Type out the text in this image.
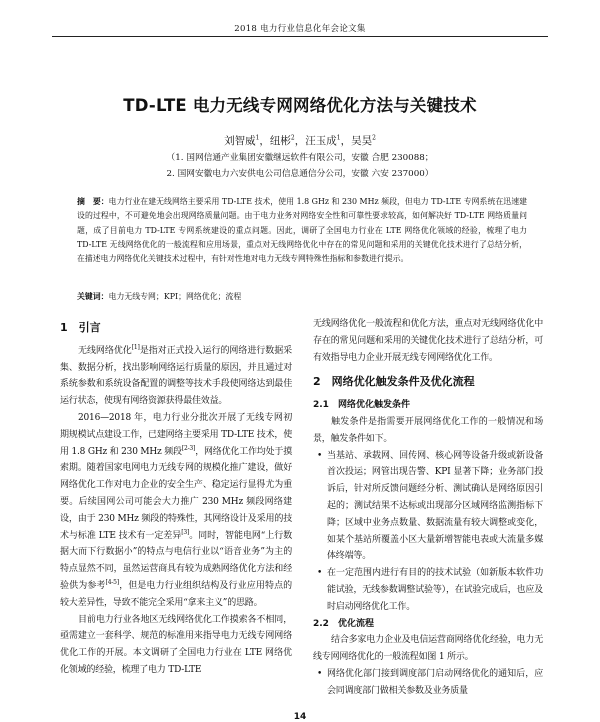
2018 电力行业信息化年会论文集
TD-LTE 电力无线专网网络优化方法与关键技术
刘智威$^1$，纽彬$^2$，汪玉成$^1$，吴昊$^2$
（1. 国网信通产业集团安徽继远软件有限公司，安徽 合肥 230088；
2. 国网安徽电力六安供电公司信息通信分公司，安徽 六安 237000）
摘　要：电力行业在建无线网络主要采用 TD-LTE 技术，使用 1.8 GHz 和 230 MHz 频段，但电力 TD-LTE 专网系统在迅速建设的过程中，不可避免地会出现网络质量问题。由于电力业务对网络安全性和可靠性要求较高，如何解决好 TD-LTE 网络质量问题，成了目前电力 TD-LTE 专网系统建设的重点问题。因此，调研了全国电力行业在 LTE 网络优化领域的经验，梳理了电力 TD-LTE 无线网络优化的一般流程和应用场景，重点对无线网络优化中存在的常见问题和采用的关键优化技术进行了总结分析，在描述电力网络优化关键技术过程中，有针对性地对电力无线专网特殊性指标和参数进行提示。
关键词：电力无线专网；KPI；网络优化；流程
1　引言

无线网络优化[1]是指对正式投入运行的网络进行数据采集、数据分析，找出影响网络运行质量的原因，并且通过对系统参数和系统设备配置的调整等技术手段使网络达到最佳运行状态，使现有网络资源获得最佳效益。

2016—2018 年，电力行业分批次开展了无线专网初期规模试点建设工作，已建网络主要采用 TD-LTE 技术，使用 1.8 GHz 和 230 MHz 频段[2-3]，网络优化工作均处于摸索期。随着国家电网电力无线专网的规模化推广建设，做好网络优化工作对电力企业的安全生产、稳定运行显得尤为重要。后续国网公司可能会大力推广 230 MHz 频段网络建设，由于 230 MHz 频段的特殊性，其网络设计及采用的技术与标准 LTE 技术有一定差异[3]。同时，智能电网“上行数据大而下行数据小”的特点与电信行业以“语音业务”为主的特点显然不同，虽然运营商具有较为成熟网络优化方法和经验供为参考[4-5]，但是电力行业组织结构及行业应用特点的较大差异性，导致不能完全采用“拿来主义”的思路。

目前电力行业各地区无线网络优化工作摸索各不相同，亟需建立一套科学、规范的标准用来指导电力无线专网网络优化工作的开展。本文调研了全国电力行业在 LTE 网络优化领域的经验，梳理了电力 TD-LTE

无线网络优化一般流程和优化方法，重点对无线网络优化中存在的常见问题和采用的关键优化技术进行了总结分析，可有效指导电力企业开展无线专网网络优化工作。

2　网络优化触发条件及优化流程
2.1　网络优化触发条件

触发条件是指需要开展网络优化工作的一般情况和场景，触发条件如下。

• 当基站、承载网、回传网、核心网等设备升级或新设备首次投运；网管出现告警、KPI 显著下降；业务部门投诉后，针对所反馈问题经分析、测试确认是网络原因引起的；测试结果不达标或出现部分区域网络监测指标下降；区域中业务点数量、数据流量有较大调整或变化，如某个基站所覆盖小区大量新增智能电表或大流量多媒体终端等。

• 在一定范围内进行有目的的技术试验（如新版本软件功能试验，无线参数调整试验等），在试验完成后，也应及时启动网络优化工作。

2.2　优化流程

结合多家电力企业及电信运营商网络优化经验，电力无线专网网络优化的一般流程如图 1 所示。

• 网络优化部门接到调度部门启动网络优化的通知后，应会同调度部门做相关参数及业务质量

14
